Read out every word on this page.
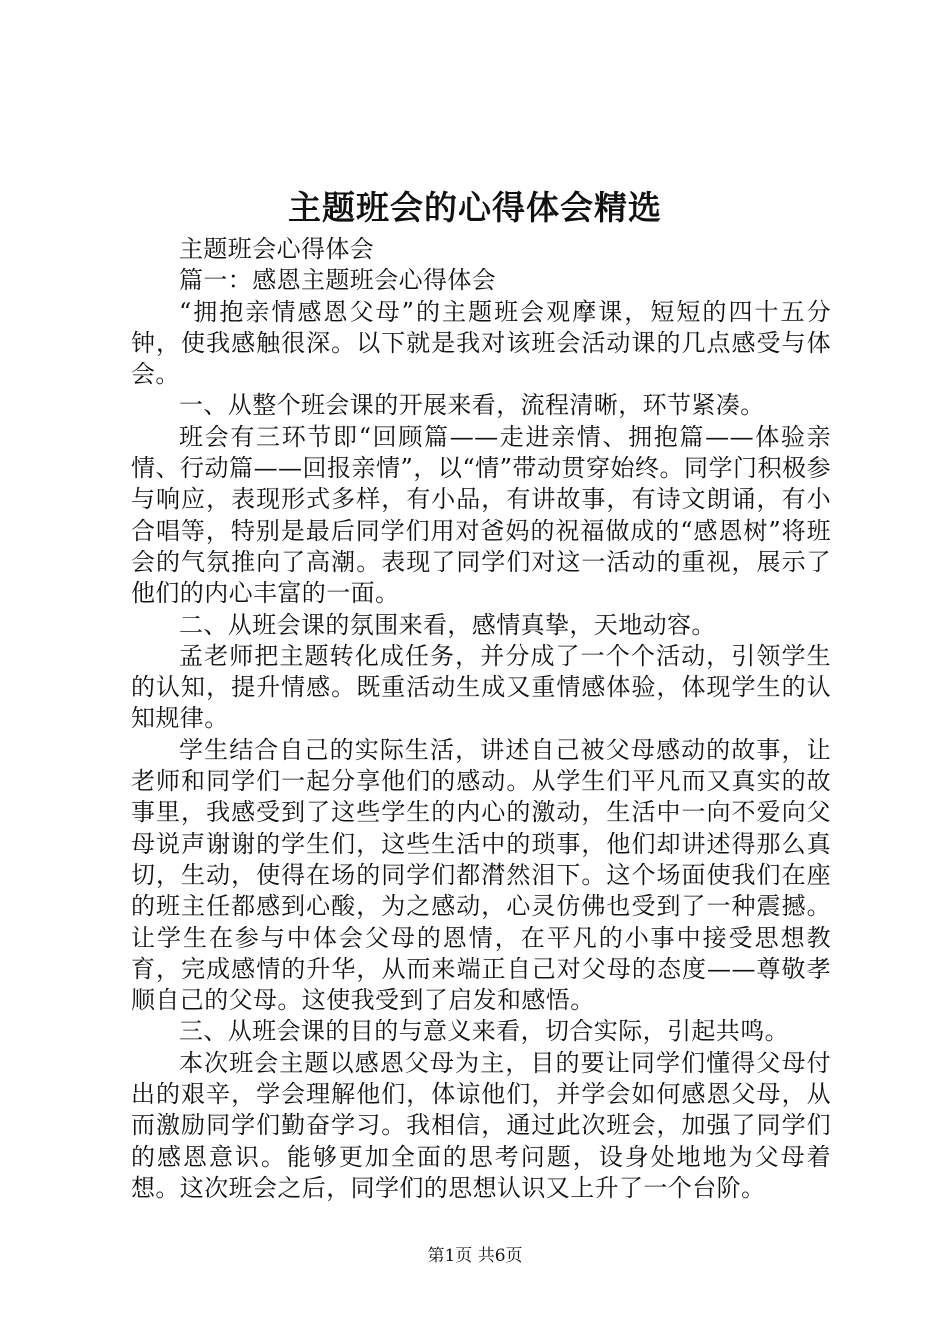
主题班会的心得体会精选

主题班会心得体会

篇一：感恩主题班会心得体会

“拥抱亲情感恩父母”的主题班会观摩课，短短的四十五分钟，使我感触很深。以下就是我对该班会活动课的几点感受与体会。

一、从整个班会课的开展来看，流程清晰，环节紧凑。

班会有三环节即“回顾篇——走进亲情、拥抱篇——体验亲情、行动篇——回报亲情”，以“情”带动贯穿始终。同学门积极参与响应，表现形式多样，有小品，有讲故事，有诗文朗诵，有小合唱等，特别是最后同学们用对爸妈的祝福做成的“感恩树”将班会的气氛推向了高潮。表现了同学们对这一活动的重视，展示了他们的内心丰富的一面。

二、从班会课的氛围来看，感情真挚，天地动容。

孟老师把主题转化成任务，并分成了一个个活动，引领学生的认知，提升情感。既重活动生成又重情感体验，体现学生的认知规律。

学生结合自己的实际生活，讲述自己被父母感动的故事，让老师和同学们一起分享他们的感动。从学生们平凡而又真实的故事里，我感受到了这些学生的内心的激动，生活中一向不爱向父母说声谢谢的学生们，这些生活中的琐事，他们却讲述得那么真切，生动，使得在场的同学们都潸然泪下。这个场面使我们在座的班主任都感到心酸，为之感动，心灵仿佛也受到了一种震撼。让学生在参与中体会父母的恩情，在平凡的小事中接受思想教育，完成感情的升华，从而来端正自己对父母的态度——尊敬孝顺自己的父母。这使我受到了启发和感悟。

三、从班会课的目的与意义来看，切合实际，引起共鸣。

本次班会主题以感恩父母为主，目的要让同学们懂得父母付出的艰辛，学会理解他们，体谅他们，并学会如何感恩父母，从而激励同学们勤奋学习。我相信，通过此次班会，加强了同学们的感恩意识。能够更加全面的思考问题，设身处地地为父母着想。这次班会之后，同学们的思想认识又上升了一个台阶。

第1页 共6页
